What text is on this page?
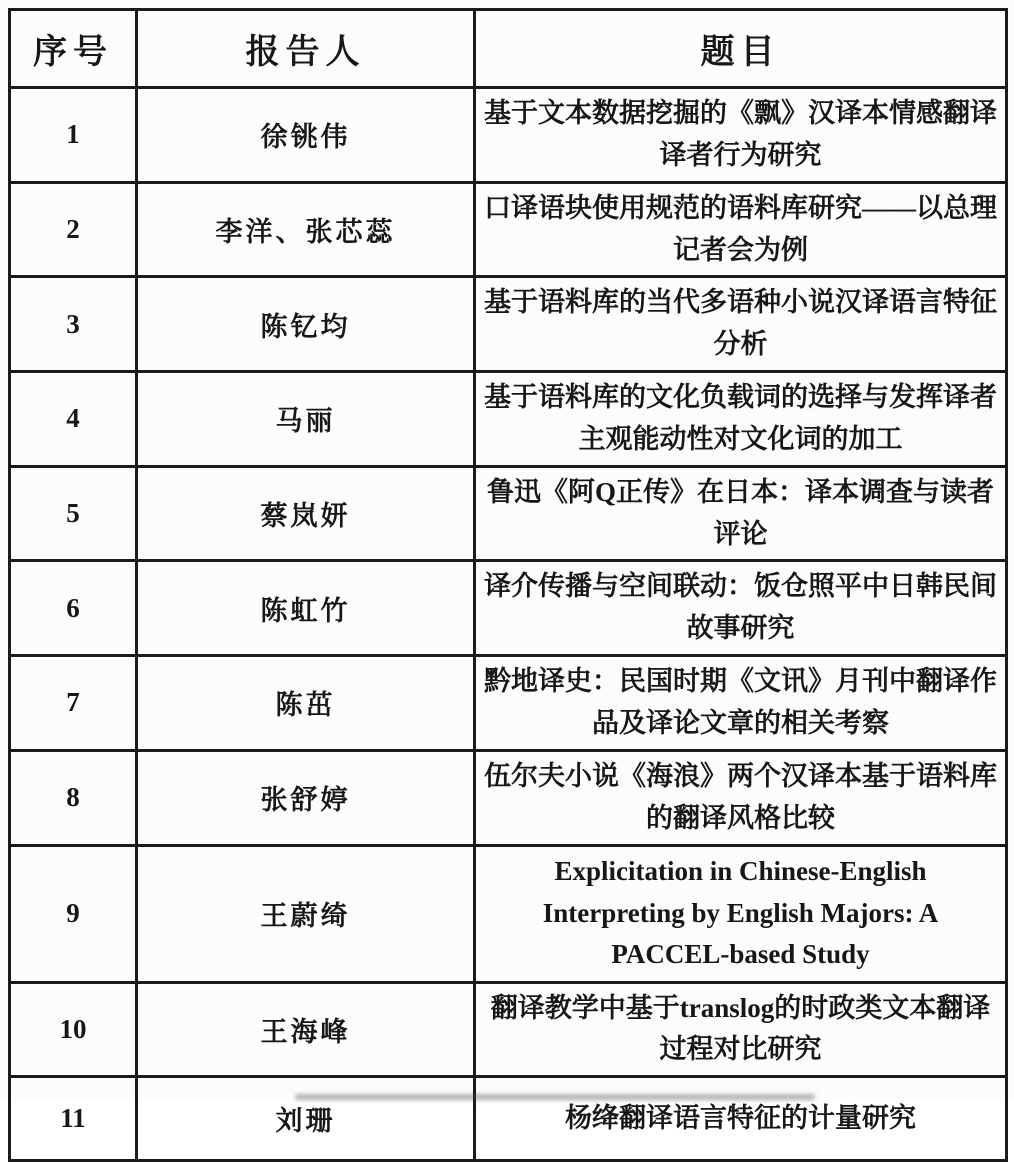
序号	报告人	题目
1	徐铫伟	基于文本数据挖掘的《飘》汉译本情感翻译译者行为研究
2	李洋、张芯蕊	口译语块使用规范的语料库研究——以总理记者会为例
3	陈钇均	基于语料库的当代多语种小说汉译语言特征分析
4	马丽	基于语料库的文化负载词的选择与发挥译者主观能动性对文化词的加工
5	蔡岚妍	鲁迅《阿Q正传》在日本：译本调查与读者评论
6	陈虹竹	译介传播与空间联动：饭仓照平中日韩民间故事研究
7	陈茁	黔地译史：民国时期《文讯》月刊中翻译作品及译论文章的相关考察
8	张舒婷	伍尔夫小说《海浪》两个汉译本基于语料库的翻译风格比较
9	王蔚绮	Explicitation in Chinese-English Interpreting by English Majors: A PACCEL-based Study
10	王海峰	翻译教学中基于translog的时政类文本翻译过程对比研究
11	刘珊	杨绛翻译语言特征的计量研究
